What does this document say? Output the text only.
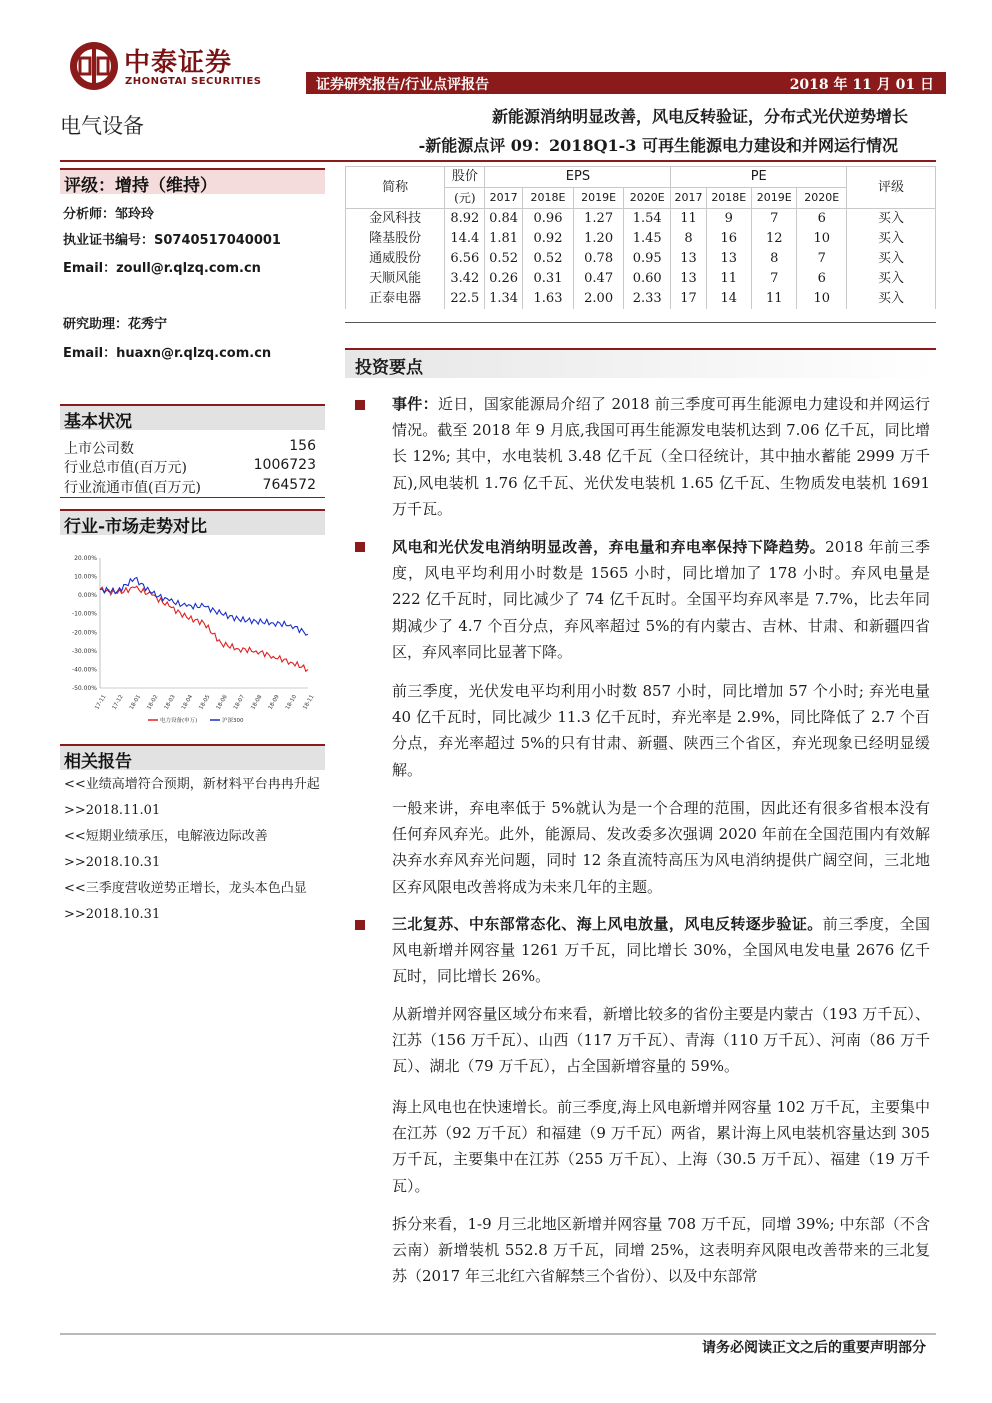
中泰证券
ZHONGTAI SECURITIES	证券研究报告/行业点评报告	2018 年 11 月 01 日
电气设备	新能源消纳明显改善，风电反转验证，分布式光伏逆势增长
-新能源点评 09：2018Q1-3 可再生能源电力建设和并网运行情况
评级：增持（维持）
分析师：邹玲玲
执业证书编号：S0740517040001
Email：zoull@r.qlzq.com.cn
研究助理：花秀宁
Email：huaxn@r.qlzq.com.cn
基本状况
上市公司数	156
行业总市值(百万元)	1006723
行业流通市值(百万元)	764572
行业-市场走势对比
20.00%
10.00%
0.00%
-10.00%
-20.00%
-30.00%
-40.00%
-50.00%
17-11 17-12 18-01 18-02 18-03 18-04 18-05 18-06 18-07 18-08 18-09 18-10 18-11
电力设备(申万)	沪深300
相关报告
<<业绩高增符合预期，新材料平台冉冉升起>>2018.11.01
<<短期业绩承压，电解液边际改善>>2018.10.31
<<三季度营收逆势正增长，龙头本色凸显>>2018.10.31
简称	股价	EPS				PE				评级
	(元)	2017	2018E	2019E	2020E	2017	2018E	2019E	2020E	
金风科技	8.92	0.84	0.96	1.27	1.54	11	9	7	6	买入
隆基股份	14.4	1.81	0.92	1.20	1.45	8	16	12	10	买入
通威股份	6.56	0.52	0.52	0.78	0.95	13	13	8	7	买入
天顺风能	3.42	0.26	0.31	0.47	0.60	13	11	7	6	买入
正泰电器	22.5	1.34	1.63	2.00	2.33	17	14	11	10	买入
投资要点
事件：近日，国家能源局介绍了 2018 前三季度可再生能源电力建设和并网运行情况。截至 2018 年 9 月底,我国可再生能源发电装机达到 7.06 亿千瓦，同比增长 12%; 其中，水电装机 3.48 亿千瓦（全口径统计，其中抽水蓄能 2999 万千瓦),风电装机 1.76 亿千瓦、光伏发电装机 1.65 亿千瓦、生物质发电装机 1691 万千瓦。
风电和光伏发电消纳明显改善，弃电量和弃电率保持下降趋势。2018 年前三季度，风电平均利用小时数是 1565 小时，同比增加了 178 小时。弃风电量是 222 亿千瓦时，同比减少了 74 亿千瓦时。全国平均弃风率是 7.7%，比去年同期减少了 4.7 个百分点，弃风率超过 5%的有内蒙古、吉林、甘肃、和新疆四省区，弃风率同比显著下降。
前三季度，光伏发电平均利用小时数 857 小时，同比增加 57 个小时; 弃光电量 40 亿千瓦时，同比减少 11.3 亿千瓦时，弃光率是 2.9%，同比降低了 2.7 个百分点，弃光率超过 5%的只有甘肃、新疆、陕西三个省区，弃光现象已经明显缓解。
一般来讲，弃电率低于 5%就认为是一个合理的范围，因此还有很多省根本没有任何弃风弃光。此外，能源局、发改委多次强调 2020 年前在全国范围内有效解决弃水弃风弃光问题，同时 12 条直流特高压为风电消纳提供广阔空间，三北地区弃风限电改善将成为未来几年的主题。
三北复苏、中东部常态化、海上风电放量，风电反转逐步验证。前三季度，全国风电新增并网容量 1261 万千瓦，同比增长 30%，全国风电发电量 2676 亿千瓦时，同比增长 26%。
从新增并网容量区域分布来看，新增比较多的省份主要是内蒙古（193 万千瓦）、江苏（156 万千瓦）、山西（117 万千瓦）、青海（110 万千瓦）、河南（86 万千瓦）、湖北（79 万千瓦），占全国新增容量的 59%。
海上风电也在快速增长。前三季度,海上风电新增并网容量 102 万千瓦，主要集中在江苏（92 万千瓦）和福建（9 万千瓦）两省，累计海上风电装机容量达到 305 万千瓦，主要集中在江苏（255 万千瓦）、上海（30.5 万千瓦）、福建（19 万千瓦）。
拆分来看，1-9 月三北地区新增并网容量 708 万千瓦，同增 39%; 中东部（不含云南）新增装机 552.8 万千瓦，同增 25%，这表明弃风限电改善带来的三北复苏（2017 年三北红六省解禁三个省份）、以及中东部常
请务必阅读正文之后的重要声明部分
